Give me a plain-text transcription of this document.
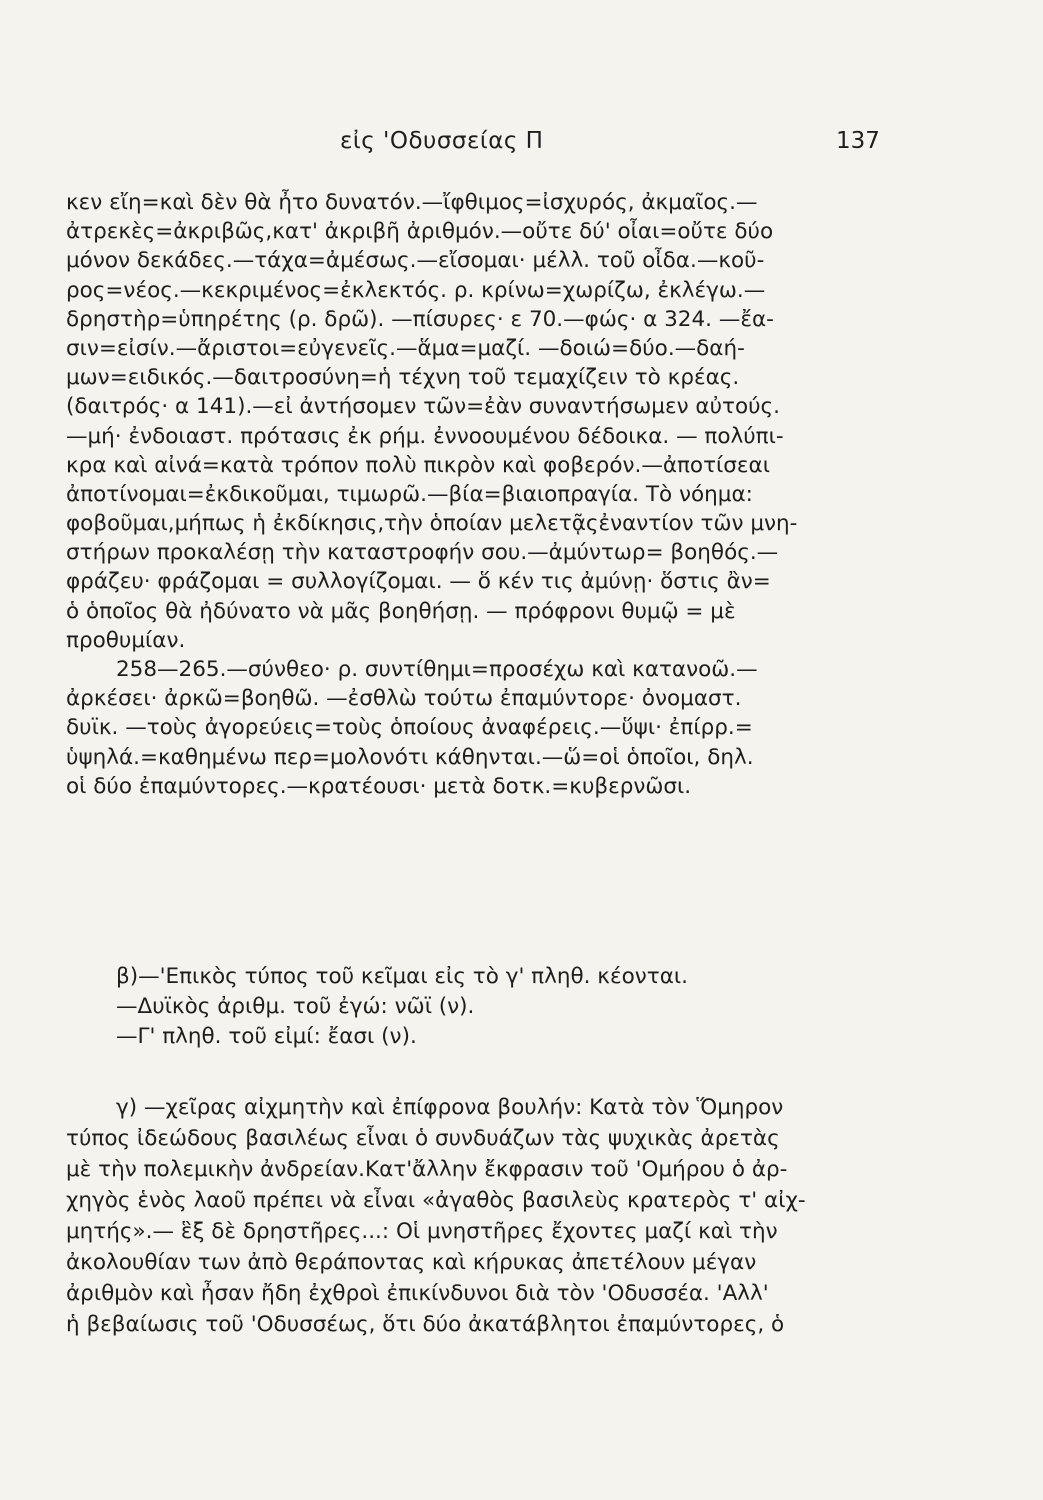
εἰς 'Οδυσσείας Π	137
κεν εἴη=καὶ δὲν θὰ ἦτο δυνατόν.—ἴφθιμος=ἰσχυρός, ἀκμαῖος.—
ἀτρεκὲς=ἀκριβῶς,κατ' ἀκριβῆ ἀριθμόν.—οὔτε δύ' οἶαι=οὔτε δύο
μόνον δεκάδες.—τάχα=ἀμέσως.—εἴσομαι· μέλλ. τοῦ οἶδα.—κοῦ-
ρος=νέος.—κεκριμένος=ἐκλεκτός. ρ. κρίνω=χωρίζω, ἐκλέγω.—
δρηστὴρ=ὑπηρέτης (ρ. δρῶ). —πίσυρες· ε 70.—φώς· α 324. —ἔα-
σιν=εἰσίν.—ἄριστοι=εὐγενεῖς.—ἅμα=μαζί. —δοιώ=δύο.—δαή-
μων=ειδικός.—δαιτροσύνη=ἡ τέχνη τοῦ τεμαχίζειν τὸ κρέας.
(δαιτρός· α 141).—εἰ ἀντήσομεν τῶν=ἐὰν συναντήσωμεν αὐτούς.
—μή· ἐνδοιαστ. πρότασις ἐκ ρήμ. ἐννοουμένου δέδοικα. — πολύπι-
κρα καὶ αἰνά=κατὰ τρόπον πολὺ πικρὸν καὶ φοβερόν.—ἀποτίσεαι
ἀποτίνομαι=ἐκδικοῦμαι, τιμωρῶ.—βία=βιαιοπραγία. Τὸ νόημα:
φοβοῦμαι,μήπως ἡ ἐκδίκησις,τὴν ὁποίαν μελετᾷςἐναντίον τῶν μνη-
στήρων προκαλέσῃ τὴν καταστροφήν σου.—ἀμύντωρ= βοηθός.—
φράζευ· φράζομαι = συλλογίζομαι. — ὅ κέν τις ἀμύνῃ· ὅστις ἂν=
ὁ ὁποῖος θὰ ἠδύνατο νὰ μᾶς βοηθήσῃ. — πρόφρονι θυμῷ = μὲ
προθυμίαν.
258—265.—σύνθεο· ρ. συντίθημι=προσέχω καὶ κατανοῶ.—
ἀρκέσει· ἀρκῶ=βοηθῶ. —ἐσθλὼ τούτω ἐπαμύντορε· ὀνομαστ.
δυϊκ. —τοὺς ἀγορεύεις=τοὺς ὁποίους ἀναφέρεις.—ὕψι· ἐπίρρ.=
ὑψηλά.=καθημένω περ=μολονότι κάθηνται.—ὥ=οἱ ὁποῖοι, δηλ.
οἱ δύο ἐπαμύντορες.—κρατέουσι· μετὰ δοτκ.=κυβερνῶσι.
β)—'Επικὸς τύπος τοῦ κεῖμαι εἰς τὸ γ' πληθ. κέονται.
—Δυϊκὸς ἀριθμ. τοῦ ἐγώ: νῶϊ (ν).
—Γ' πληθ. τοῦ εἰμί: ἔασι (ν).
γ) —χεῖρας αἰχμητὴν καὶ ἐπίφρονα βουλήν: Κατὰ τὸν Ὅμηρον
τύπος ἰδεώδους βασιλέως εἶναι ὁ συνδυάζων τὰς ψυχικὰς ἀρετὰς
μὲ τὴν πολεμικὴν ἀνδρείαν.Κατ'ἄλλην ἔκφρασιν τοῦ 'Ομήρου ὁ ἀρ-
χηγὸς ἑνὸς λαοῦ πρέπει νὰ εἶναι «ἀγαθὸς βασιλεὺς κρατερὸς τ' αἰχ-
μητής».— ἓξ δὲ δρηστῆρες...: Οἱ μνηστῆρες ἔχοντες μαζί καὶ τὴν
ἀκολουθίαν των ἀπὸ θεράποντας καὶ κήρυκας ἀπετέλουν μέγαν
ἀριθμὸν καὶ ἦσαν ἤδη ἐχθροὶ ἐπικίνδυνοι διὰ τὸν 'Οδυσσέα. 'Αλλ'
ἡ βεβαίωσις τοῦ 'Οδυσσέως, ὅτι δύο ἀκατάβλητοι ἐπαμύντορες, ὁ
